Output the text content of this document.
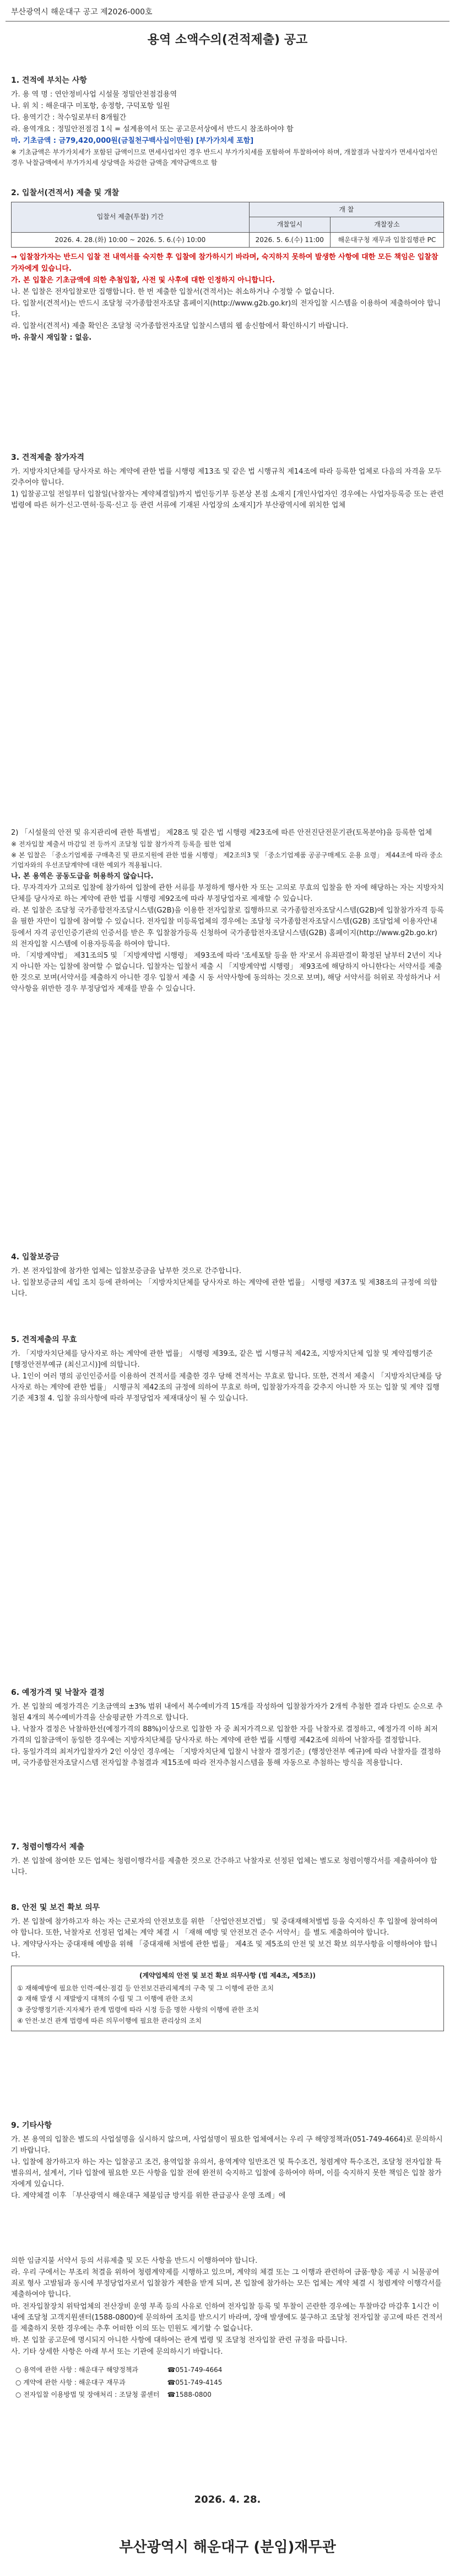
부산광역시 해운대구 공고 제2026-000호
용역 소액수의(견적제출) 공고
1. 견적에 부치는 사항

가. 용 역 명 : 연안정비사업 시설물 정밀안전점검용역

나. 위 치 : 해운대구 미포항, 송정항, 구덕포항 일원

다. 용역기간 : 착수일로부터 8개월간

라. 용역개요 : 정밀안전점검 1식 = 설계용역서 또는 공고문서상에서 반드시 참조하여야 함

마. 기초금액 : 금79,420,000원(금칠천구백사십이만원) [부가가치세 포함]

※ 기초금액은 부가가치세가 포함된 금액이므로 면세사업자인 경우 반드시 부가가치세를 포함하여 투찰하여야 하며, 개찰결과 낙찰자가 면세사업자인 경우 낙찰금액에서 부가가치세 상당액을 차감한 금액을 계약금액으로 함

2. 입찰서(견적서) 제출 및 개찰
입찰서 제출(투찰) 기간	개 찰	
	개찰일시	개찰장소
2026. 4. 28.(화) 10:00 ~ 2026. 5. 6.(수) 10:00	2026. 5. 6.(수) 11:00	해운대구청 재무과 입찰집행관 PC

→ 입찰참가자는 반드시 입찰 전 내역서를 숙지한 후 입찰에 참가하시기 바라며, 숙지하지 못하여 발생한 사항에 대한 모든 책임은 입찰참가자에게 있습니다.

가. 본 입찰은 기초금액에 의한 추첨입찰, 사전 및 사후에 대한 인정하지 아니합니다.

나. 본 입찰은 전자입찰로만 집행합니다. 한 번 제출한 입찰서(견적서)는 취소하거나 수정할 수 없습니다.

다. 입찰서(견적서)는 반드시 조달청 국가종합전자조달 홈페이지(http://www.g2b.go.kr)의 전자입찰 시스템을 이용하여 제출하여야 합니다.

라. 입찰서(견적서) 제출 확인은 조달청 국가종합전자조달 입찰시스템의 웹 송신함에서 확인하시기 바랍니다.

마. 유찰시 재입찰 : 없음.

3. 견적제출 참가자격

가. 지방자치단체를 당사자로 하는 계약에 관한 법률 시행령 제13조 및 같은 법 시행규칙 제14조에 따라 등록한 업체로 다음의 자격을 모두 갖추어야 합니다.

1) 입찰공고일 전일부터 입찰일(낙찰자는 계약체결일)까지 법인등기부 등본상 본점 소재지 [개인사업자인 경우에는 사업자등록증 또는 관련 법령에 따른 허가·신고·면허·등록·신고 등 관련 서류에 기재된 사업장의 소재지]가 부산광역시에 위치한 업체

2) 「시설물의 안전 및 유지관리에 관한 특별법」 제28조 및 같은 법 시행령 제23조에 따른 안전진단전문기관(토목분야)을 등록한 업체

※ 전자입찰 제출서 마감일 전 등까지 조달청 입찰 참가자격 등록을 필한 업체

※ 본 입찰은 「중소기업제품 구매촉진 및 판로지원에 관한 법률 시행령」 제2조의3 및 「중소기업제품 공공구매제도 운용 요령」 제44조에 따라 중소기업자와의 우선조달계약에 대한 예외가 적용됩니다.

나. 본 용역은 공동도급을 허용하지 않습니다.

다. 무자격자가 고의로 입찰에 참가하여 입찰에 관한 서류를 부정하게 행사한 자 또는 고의로 무효의 입찰을 한 자에 해당하는 자는 지방자치단체를 당사자로 하는 계약에 관한 법률 시행령 제92조에 따라 부정당업자로 제재할 수 있습니다.

라. 본 입찰은 조달청 국가종합전자조달시스템(G2B)을 이용한 전자입찰로 집행하므로 국가종합전자조달시스템(G2B)에 입찰참가자격 등록을 필한 자만이 입찰에 참여할 수 있습니다. 전자입찰 미등록업체의 경우에는 조달청 국가종합전자조달시스템(G2B) 조달업체 이용자안내 등에서 자격 공인인증기관의 인증서를 받은 후 입찰참가등록 신청하여 국가종합전자조달시스템(G2B) 홈페이지(http://www.g2b.go.kr)의 전자입찰 시스템에 이용자등록을 하여야 합니다.

마. 「지방계약법」 제31조의5 및 「지방계약법 시행령」 제93조에 따라 '조세포탈 등을 한 자'로서 유죄판결이 확정된 날부터 2년이 지나지 아니한 자는 입찰에 참여할 수 없습니다. 입찰자는 입찰서 제출 시 「지방계약법 시행령」 제93조에 해당하지 아니한다는 서약서를 제출한 것으로 보며(서약서를 제출하지 아니한 경우 입찰서 제출 시 동 서약사항에 동의하는 것으로 보며), 해당 서약서를 허위로 작성하거나 서약사항을 위반한 경우 부정당업자 제재를 받을 수 있습니다.

4. 입찰보증금

가. 본 전자입찰에 참가한 업체는 입찰보증금을 납부한 것으로 간주합니다.

나. 입찰보증금의 세입 조치 등에 관하여는 「지방자치단체를 당사자로 하는 계약에 관한 법률」 시행령 제37조 및 제38조의 규정에 의합니다.

5. 견적제출의 무효

가. 「지방자치단체를 당사자로 하는 계약에 관한 법률」 시행령 제39조, 같은 법 시행규칙 제42조, 지방자치단체 입찰 및 계약집행기준 [행정안전부예규 (최신고시)]에 의합니다.

나. 1인이 여러 명의 공인인증서를 이용하여 견적서를 제출한 경우 당해 견적서는 무효로 합니다. 또한, 견적서 제출시 「지방자치단체를 당사자로 하는 계약에 관한 법률」 시행규칙 제42조의 규정에 의하여 무효로 하며, 입찰참가자격을 갖추지 아니한 자 또는 입찰 및 계약 집행기준 제3절 4. 입찰 유의사항에 따라 부정당업자 제재대상이 될 수 있습니다.

6. 예정가격 및 낙찰자 결정

가. 본 입찰의 예정가격은 기초금액의 ±3% 범위 내에서 복수예비가격 15개를 작성하여 입찰참가자가 2개씩 추첨한 결과 다빈도 순으로 추첨된 4개의 복수예비가격을 산술평균한 가격으로 합니다.

나. 낙찰자 결정은 낙찰하한선(예정가격의 88%)이상으로 입찰한 자 중 최저가격으로 입찰한 자를 낙찰자로 결정하고, 예정가격 이하 최저가격의 입찰금액이 동일한 경우에는 지방자치단체를 당사자로 하는 계약에 관한 법률 시행령 제42조에 의하여 낙찰자를 결정합니다.

다. 동일가격의 최저가입찰자가 2인 이상인 경우에는 「지방자치단체 입찰시 낙찰자 결정기준」(행정안전부 예규)에 따라 낙찰자를 결정하며, 국가종합전자조달시스템 전자입찰 추첨결과 제15조에 따라 전자추첨시스템을 통해 자동으로 추첨하는 방식을 적용합니다.

7. 청렴이행각서 제출

가. 본 입찰에 참여한 모든 업체는 청렴이행각서를 제출한 것으로 간주하고 낙찰자로 선정된 업체는 별도로 청렴이행각서를 제출하여야 합니다.

8. 안전 및 보건 확보 의무

가. 본 입찰에 참가하고자 하는 자는 근로자의 안전보호를 위한 「산업안전보건법」 및 중대재해처벌법 등을 숙지하신 후 입찰에 참여하여야 합니다. 또한, 낙찰자로 선정된 업체는 계약 체결 시 「재해 예방 및 안전보건 준수 서약서」를 별도 제출하여야 합니다.

나. 계약당사자는 중대재해 예방을 위해 「중대재해 처벌에 관한 법률」 제4조 및 제5조의 안전 및 보건 확보 의무사항을 이행하여야 합니다.

(계약업체의 안전 및 보건 확보 의무사항 (법 제4조, 제5조))

① 재해예방에 필요한 인력·예산·점검 등 안전보건관리체계의 구축 및 그 이행에 관한 조치

② 재해 발생 시 재발방지 대책의 수립 및 그 이행에 관한 조치

③ 중앙행정기관·지자체가 관계 법령에 따라 시정 등을 명한 사항의 이행에 관한 조치

④ 안전·보건 관계 법령에 따른 의무이행에 필요한 관리상의 조치

9. 기타사항

가. 본 용역의 입찰은 별도의 사업설명을 실시하지 않으며, 사업설명이 필요한 업체에서는 우리 구 해양정책과(051-749-4664)로 문의하시기 바랍니다.

나. 입찰에 참가하고자 하는 자는 입찰공고 조건, 용역입찰 유의서, 용역계약 일반조건 및 특수조건, 청렴계약 특수조건, 조달청 전자입찰 특별유의서, 설계서, 기타 입찰에 필요한 모든 사항을 입찰 전에 완전히 숙지하고 입찰에 응하여야 하며, 이를 숙지하지 못한 책임은 입찰 참가자에게 있습니다.

다. 계약체결 이후 「부산광역시 해운대구 체불임금 방지를 위한 관급공사 운영 조례」에

의한 임금지불 서약서 등의 서류제출 및 모든 사항을 반드시 이행하여야 합니다.

라. 우리 구에서는 부조리 척결을 위하여 청렴계약제를 시행하고 있으며, 계약의 체결 또는 그 이행과 관련하여 금품·향응 제공 시 뇌물공여죄로 형사 고발됨과 동시에 부정당업자로서 입찰참가 제한을 받게 되며, 본 입찰에 참가하는 모든 업체는 계약 체결 시 청렴계약 이행각서를 제출하여야 합니다.

마. 전자입찰장치 위탁업체의 전산장비 운영 부족 등의 사유로 인하여 전자입찰 등록 및 투찰이 곤란한 경우에는 투찰마감 마감후 1시간 이내에 조달청 고객지원센터(1588-0800)에 문의하여 조치를 받으시기 바라며, 장애 발생에도 불구하고 조달청 전자입찰 공고에 따른 견적서를 제출하지 못한 경우에는 추후 어떠한 이의 또는 민원도 제기할 수 없습니다.

바. 본 입찰 공고문에 명시되지 아니한 사항에 대하여는 관계 법령 및 조달청 전자입찰 관련 규정을 따릅니다.

사. 기타 상세한 사항은 아래 부서 또는 기관에 문의하시기 바랍니다.

○ 용역에 관한 사항 : 해운대구 해양정책과	☎051-749-4664
○ 계약에 관한 사항 : 해운대구 재무과	☎051-749-4145
○ 전자입찰 이용방법 및 장애처리 : 조달청 콜센터	☎1588-0800
2026. 4. 28.
부산광역시 해운대구 (분임)재무관
